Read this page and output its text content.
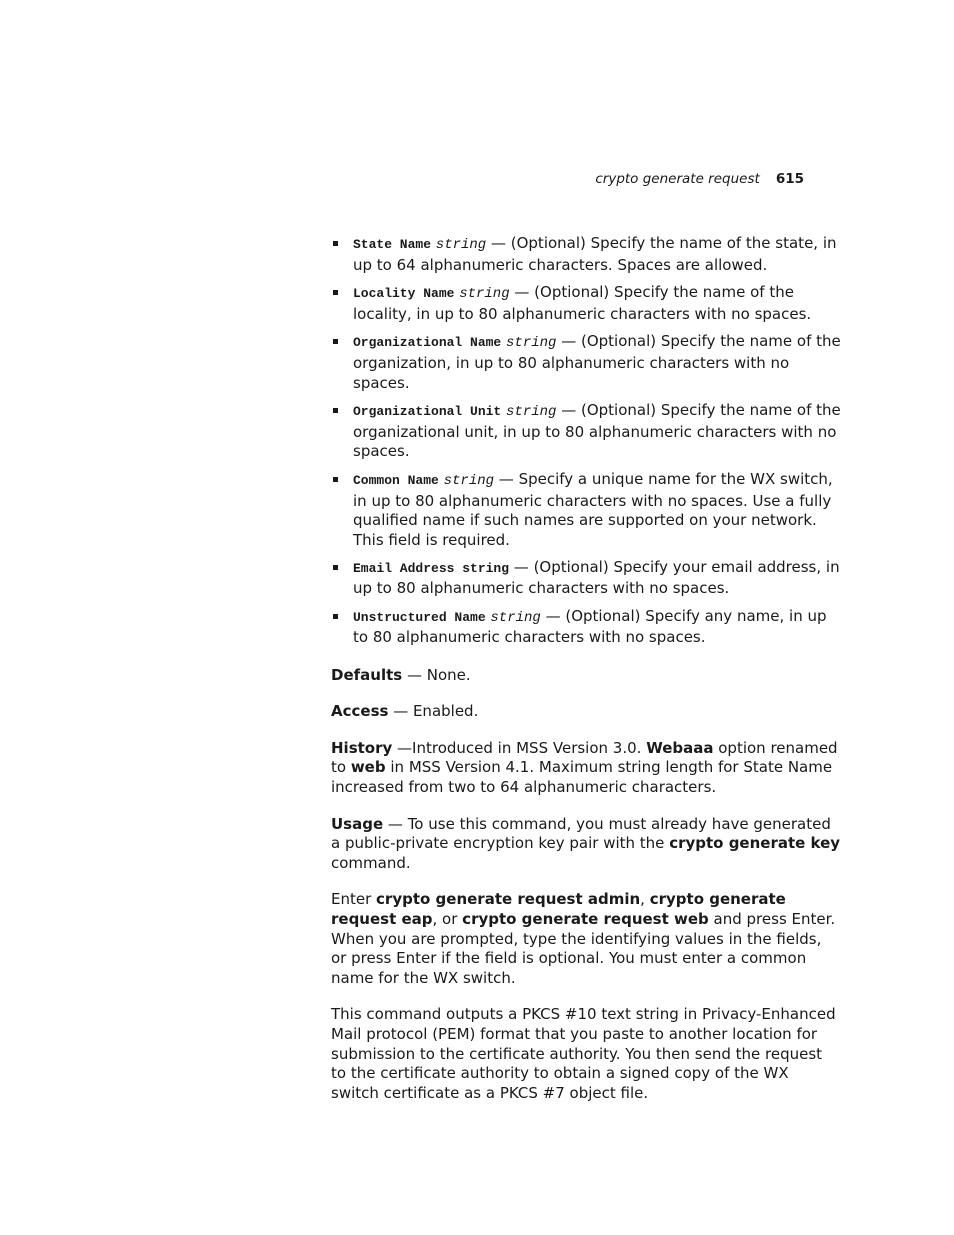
crypto generate request 615
State Name string — (Optional) Specify the name of the state, in up to 64 alphanumeric characters. Spaces are allowed.
Locality Name string — (Optional) Specify the name of the locality, in up to 80 alphanumeric characters with no spaces.
Organizational Name string — (Optional) Specify the name of the organization, in up to 80 alphanumeric characters with no spaces.
Organizational Unit string — (Optional) Specify the name of the organizational unit, in up to 80 alphanumeric characters with no spaces.
Common Name string — Specify a unique name for the WX switch, in up to 80 alphanumeric characters with no spaces. Use a fully qualified name if such names are supported on your network. This field is required.
Email Address string — (Optional) Specify your email address, in up to 80 alphanumeric characters with no spaces.
Unstructured Name string — (Optional) Specify any name, in up to 80 alphanumeric characters with no spaces.

Defaults — None.

Access — Enabled.

History —Introduced in MSS Version 3.0. Webaaa option renamed to web in MSS Version 4.1. Maximum string length for State Name increased from two to 64 alphanumeric characters.

Usage — To use this command, you must already have generated a public-private encryption key pair with the crypto generate key command.

Enter crypto generate request admin, crypto generate request eap, or crypto generate request web and press Enter. When you are prompted, type the identifying values in the fields, or press Enter if the field is optional. You must enter a common name for the WX switch.

This command outputs a PKCS #10 text string in Privacy-Enhanced Mail protocol (PEM) format that you paste to another location for submission to the certificate authority. You then send the request to the certificate authority to obtain a signed copy of the WX switch certificate as a PKCS #7 object file.
